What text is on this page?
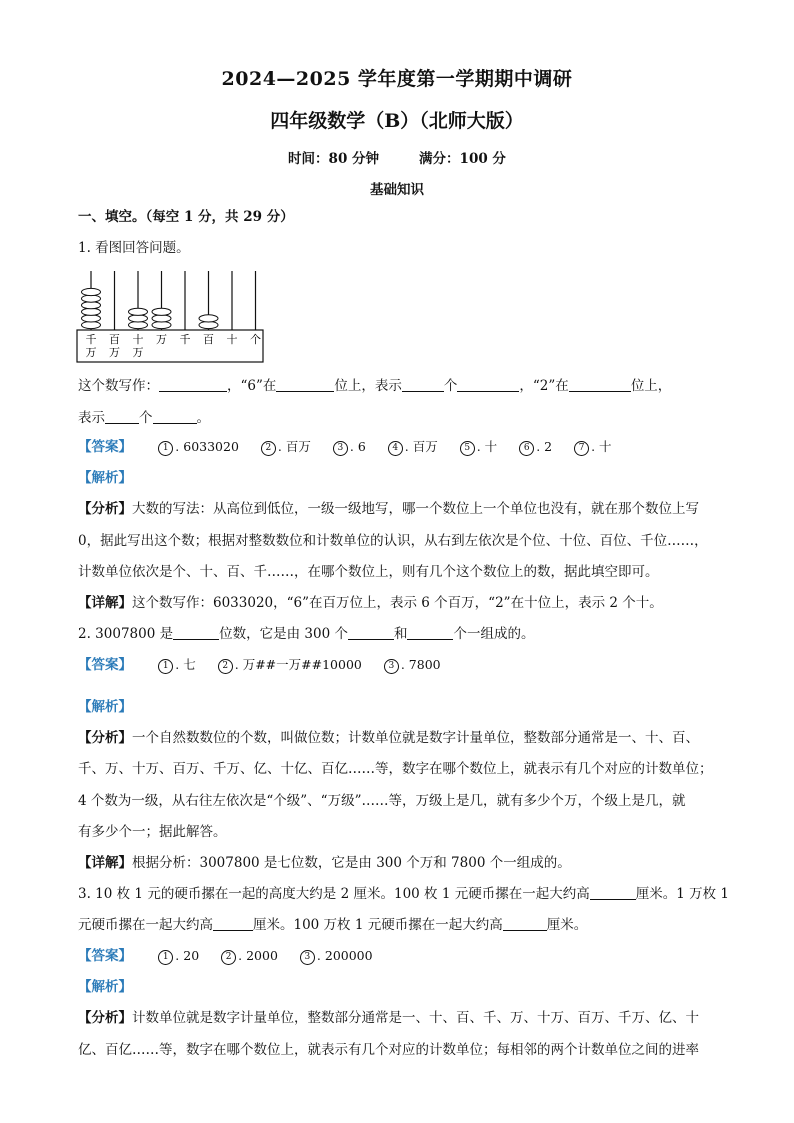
2024—2025 学年度第一学期期中调研
四年级数学（B）（北师大版）
时间：80 分钟	满分：100 分
基础知识
一、填空。（每空 1 分，共 29 分）
1. 看图回答问题。
千
万
百
万
十
万
万 千 百 十 个
这个数写作：	，“6”在	位上，表示	个	，“2”在	位上，
表示	个	。
【答案】	1 . 6033020	2 . 百万	3 . 6	4 . 百万	5 . 十	6 . 2	7 . 十
【解析】
【分析】大数的写法：从高位到低位，一级一级地写，哪一个数位上一个单位也没有，就在那个数位上写
0，据此写出这个数；根据对整数数位和计数单位的认识，从右到左依次是个位、十位、百位、千位……，
计数单位依次是个、十、百、千……，在哪个数位上，则有几个这个数位上的数，据此填空即可。
【详解】这个数写作：6033020，“6”在百万位上，表示 6 个百万，“2”在十位上，表示 2 个十。
2. 3007800 是	位数，它是由 300 个	和	个一组成的。
【答案】	1 . 七	2 . 万##一万##10000	3 . 7800
【解析】
【分析】一个自然数数位的个数，叫做位数；计数单位就是数字计量单位，整数部分通常是一、十、百、
千、万、十万、百万、千万、亿、十亿、百亿……等，数字在哪个数位上，就表示有几个对应的计数单位；
4 个数为一级，从右往左依次是“个级”、“万级”……等，万级上是几，就有多少个万，个级上是几，就
有多少个一；据此解答。
【详解】根据分析：3007800 是七位数，它是由 300 个万和 7800 个一组成的。
3. 10 枚 1 元的硬币摞在一起的高度大约是 2 厘米。100 枚 1 元硬币摞在一起大约高	厘米。1 万枚 1
元硬币摞在一起大约高	厘米。100 万枚 1 元硬币摞在一起大约高	厘米。
【答案】	1 . 20	2 . 2000	3 . 200000
【解析】
【分析】计数单位就是数字计量单位，整数部分通常是一、十、百、千、万、十万、百万、千万、亿、十
亿、百亿……等，数字在哪个数位上，就表示有几个对应的计数单位；每相邻的两个计数单位之间的进率
